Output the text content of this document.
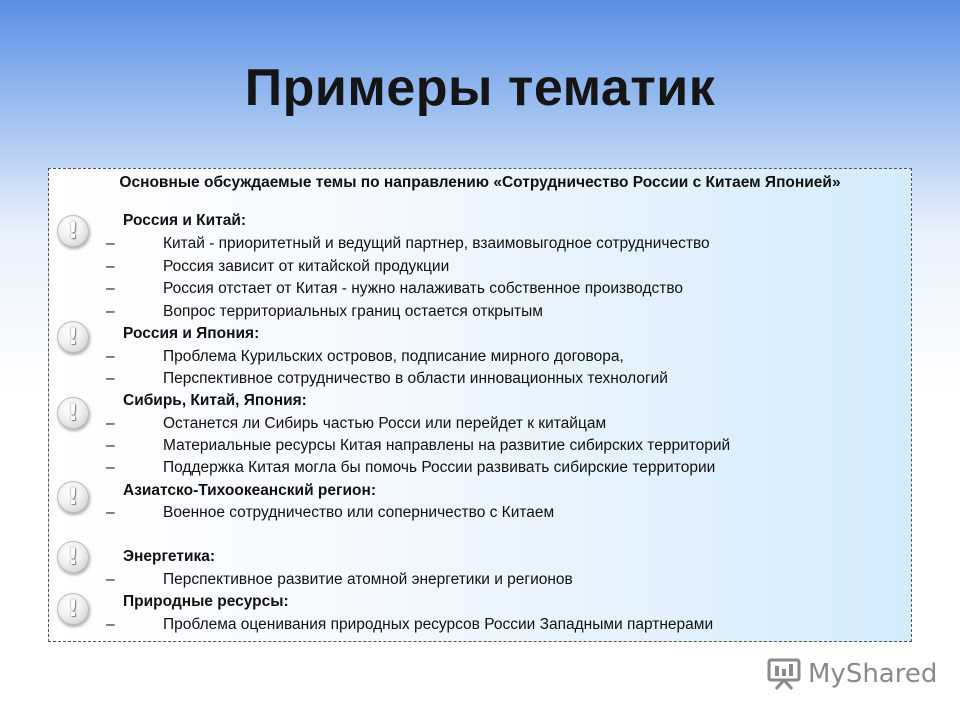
Примеры тематик
Основные обсуждаемые темы по направлению «Сотрудничество России с Китаем Японией»
!
!
!
!
!
!
Россия и Китай:
–	Китай - приоритетный и ведущий партнер, взаимовыгодное сотрудничество
–	Россия зависит от китайской продукции
–	Россия отстает от Китая - нужно налаживать собственное производство
–	Вопрос территориальных границ остается открытым
Россия и Япония:
–	Проблема Курильских островов, подписание мирного договора,
–	Перспективное сотрудничество в области инновационных технологий
Сибирь, Китай, Япония:
–	Останется ли Сибирь частью Росси или перейдет к китайцам
–	Материальные ресурсы Китая направлены на развитие сибирских территорий
–	Поддержка Китая могла бы помочь России развивать сибирские территории
Азиатско-Тихоокеанский регион:
–	Военное сотрудничество или соперничество с Китаем
Энергетика:
–	Перспективное развитие атомной энергетики и регионов
Природные ресурсы:
–	Проблема оценивания природных ресурсов России Западными партнерами
MyShared
